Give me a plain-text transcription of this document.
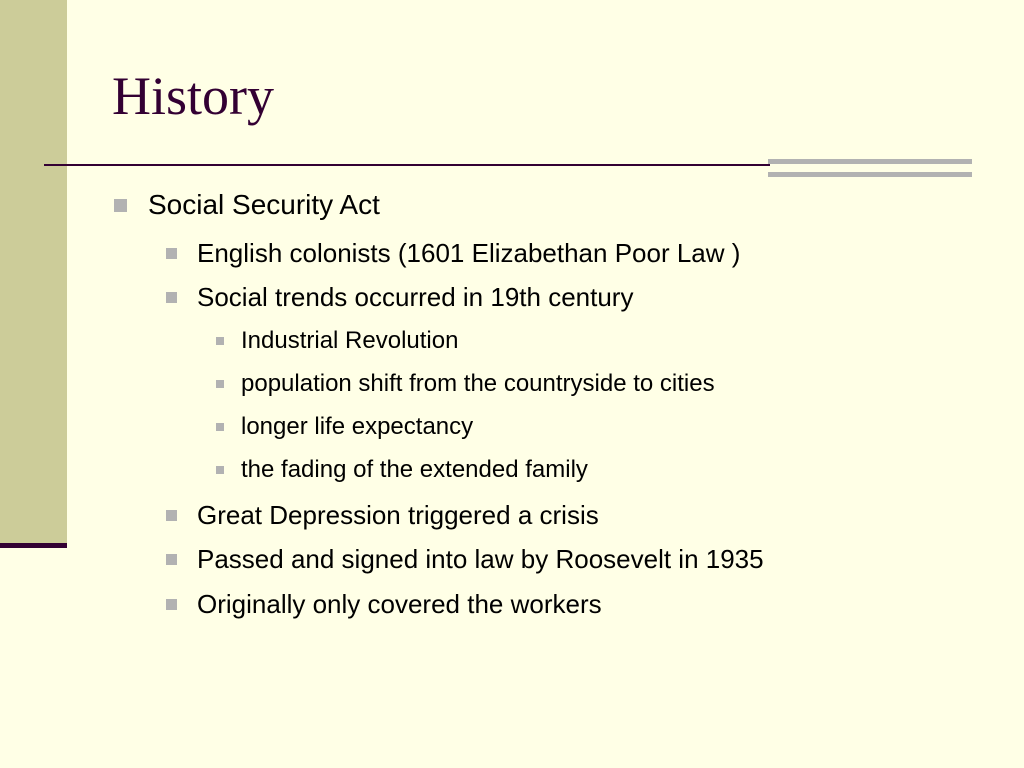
History
Social Security Act
English colonists (1601 Elizabethan Poor Law )
Social trends occurred in 19th century
Industrial Revolution
population shift from the countryside to cities
longer life expectancy
the fading of the extended family
Great Depression triggered a crisis
Passed and signed into law by Roosevelt in 1935
Originally only covered the workers
